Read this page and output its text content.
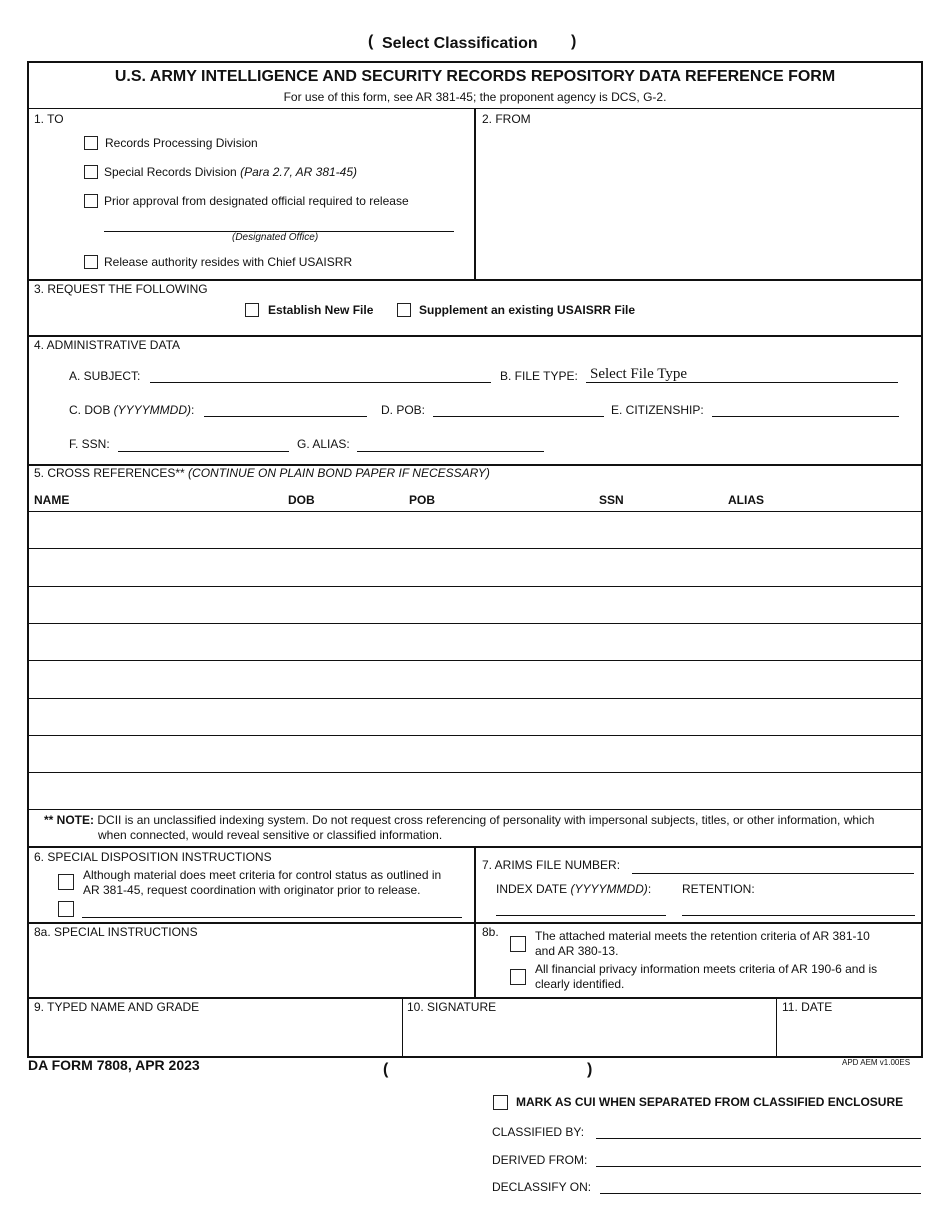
( Select Classification )
U.S. ARMY INTELLIGENCE AND SECURITY RECORDS REPOSITORY DATA REFERENCE FORM
For use of this form, see AR 381-45; the proponent agency is DCS, G-2.
1. TO
Records Processing Division
Special Records Division (Para 2.7, AR 381-45)
Prior approval from designated official required to release
(Designated Office)
Release authority resides with Chief USAISRR
2. FROM
3. REQUEST THE FOLLOWING
Establish New File	Supplement an existing USAISRR File
4. ADMINISTRATIVE DATA
A. SUBJECT:	B. FILE TYPE: Select File Type
C. DOB (YYYYMMDD):	D. POB:	E. CITIZENSHIP:
F. SSN:	G. ALIAS:
5. CROSS REFERENCES** (CONTINUE ON PLAIN BOND PAPER IF NECESSARY)
NAME	DOB	POB	SSN	ALIAS
** NOTE: DCII is an unclassified indexing system. Do not request cross referencing of personality with impersonal subjects, titles, or other information, which
when connected, would reveal sensitive or classified information.
6. SPECIAL DISPOSITION INSTRUCTIONS
Although material does meet criteria for control status as outlined in
AR 381-45, request coordination with originator prior to release.
7. ARIMS FILE NUMBER:
INDEX DATE (YYYYMMDD):	RETENTION:
8a. SPECIAL INSTRUCTIONS	8b.	The attached material meets the retention criteria of AR 381-10
and AR 380-13.
All financial privacy information meets criteria of AR 190-6 and is
clearly identified.
9. TYPED NAME AND GRADE	10. SIGNATURE	11. DATE
DA FORM 7808, APR 2023	(	)	APD AEM v1.00ES
MARK AS CUI WHEN SEPARATED FROM CLASSIFIED ENCLOSURE
CLASSIFIED BY:
DERIVED FROM:
DECLASSIFY ON:
